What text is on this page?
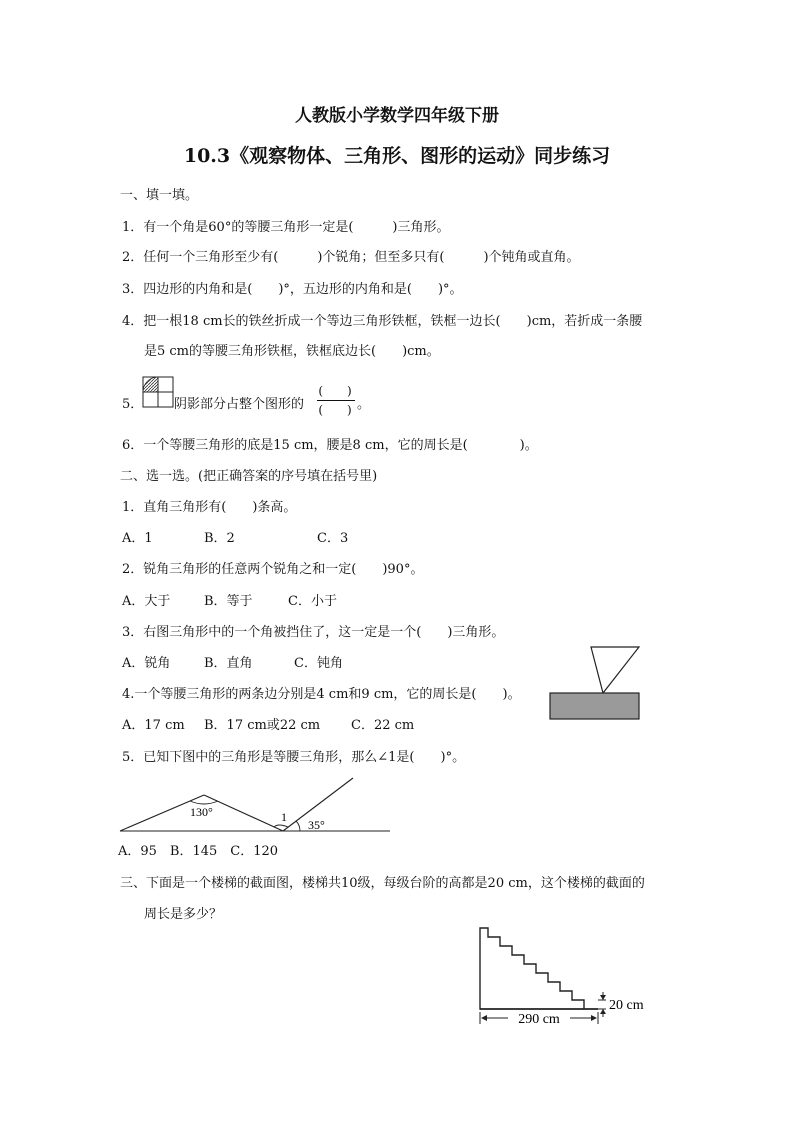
人教版小学数学四年级下册
10.3《观察物体、三角形、图形的运动》同步练习
一、填一填。
1．有一个角是60°的等腰三角形一定是(　　　)三角形。
2．任何一个三角形至少有(　　　)个锐角；但至多只有(　　　)个钝角或直角。
3．四边形的内角和是(　　)°，五边形的内角和是(　　)°。
4．把一根18 cm长的铁丝折成一个等边三角形铁框，铁框一边长(　　)cm，若折成一条腰
是5 cm的等腰三角形铁框，铁框底边长(　　)cm。
5． 阴影部分占整个图形的
(　　)
(　　) 。
6．一个等腰三角形的底是15 cm，腰是8 cm，它的周长是(　　　　)。
二、选一选。(把正确答案的序号填在括号里)
1．直角三角形有(　　)条高。
A．1	B．2	C．3
2．锐角三角形的任意两个锐角之和一定(　　)90°。
A．大于	B．等于	C．小于
3．右图三角形中的一个角被挡住了，这一定是一个(　　)三角形。
A．锐角	B．直角	C．钝角
4.一个等腰三角形的两条边分别是4 cm和9 cm，它的周长是(　　)。
A．17 cm B．17 cm或22 cm C．22 cm
5．已知下图中的三角形是等腰三角形，那么∠1是(　　)°。
130°	1
35°
A．95　B．145　C．120
三、下面是一个楼梯的截面图，楼梯共10级，每级台阶的高都是20 cm，这个楼梯的截面的
周长是多少？
290 cm
20 cm
